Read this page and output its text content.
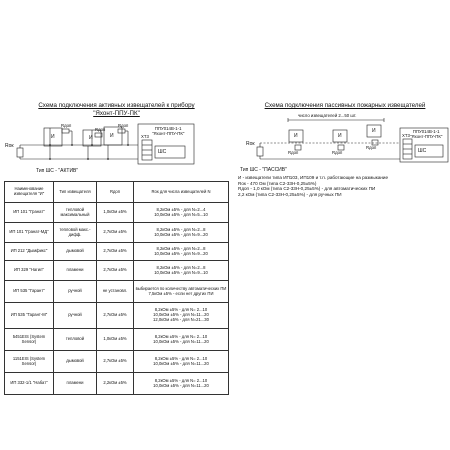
Схема подключения активных извещателей к прибору
"Яхонт-ППУ-ПК"
Схема подключения пассивных пожарных извещателей
Rок
И	И	И
Rдоп
Rдоп
Rдоп
ППУ014В-1-1
"Яхонт-ППУ-ПК"
ХТ3
ШС
Тип ШС - "АКТИВ"
число извещателей 2...50 шт.
Rок
И	И
И
Rдоп	Rдоп
Rдоп
ППУ014В-1-1
"Яхонт-ППУ-ПК"
ХТ3
ШС
Тип ШС - "ПАССИВ"
И - извещатели типа ИП103, ИП109 и т.п. работающие на размыкание
Rок - 470 Ом (типа С2-33Н-0,25±5%)
Rдоп - 1,0 кОм (типа С2-33Н-0,25±5%) - для автоматических ПИ
2,2 кОм (типа С2-33Н-0,25±5%) - для ручных ПИ
Наименование извещателя "И"	Тип извещателя	Rдоп	Rок для числа извещателей N
ИП 101 "Гранат"	тепловой максимальный	1,0кОм ±5%	8,2кОм ±5% - для N=2...4
10,0кОм ±5% - для N=5...10
ИП 101 "Гранат-МД"	тепловой макс.-дифф.	2,7кОм ±5%	8,2кОм ±5% - для N=2...8
10,0кОм ±5% - для N=9...20
ИП 212 "Дымфикс"	дымовой	2,7кОм ±5%	8,2кОм ±5% - для N=2...8
10,0кОм ±5% - для N=9...20
ИП 329 "Нагил"	пламени	2,7кОм ±5%	8,2кОм ±5% - для N=2...8
10,0кОм ±5% - для N=9...10
ИП 535 "Гарант"	ручной	не установл.	выбирается по количеству автоматических ПИ
7,5кОм ±5% - если нет других ПИ
ИП 535 "Гарант-М"	ручной	2,7кОм ±5%	8,2кОм ±5% - для N= 2...10
10,0кОм ±5% - для N=11...20
12,0кОм ±5% - для N=21...30
5451EIS (System Sensor)	тепловой	1,0кОм ±5%	8,2кОм ±5% - для N= 2...10
10,0кОм ±5% - для N=11...20
1151EIS (System Sensor)	дымовой	2,7кОм ±5%	8,2кОм ±5% - для N= 2...10
10,0кОм ±5% - для N=11...20
ИП 332-1/1 "Набат"	пламени	2,2кОм ±5%	8,2кОм ±5% - для N= 2...10
10,0кОм ±5% - для N=11...20
